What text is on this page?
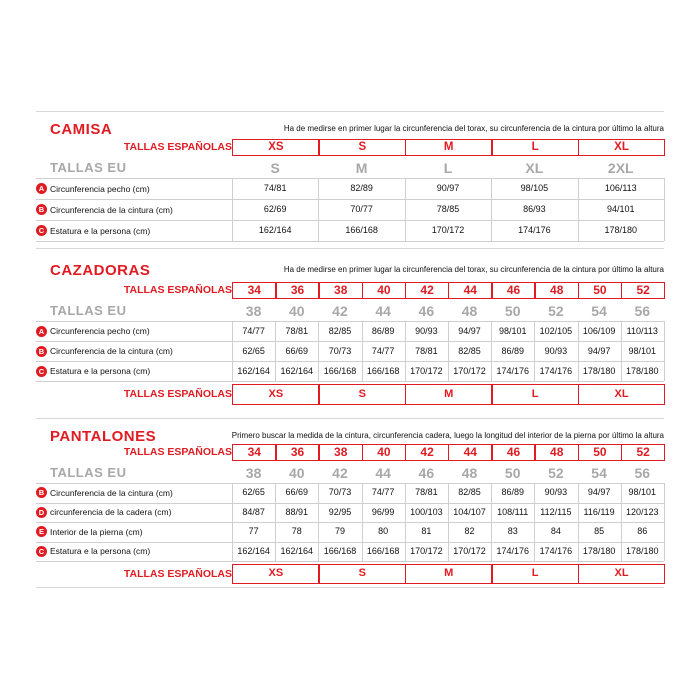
CAMISA	Ha de medirse en primer lugar la circunferencia del torax, su circunferencia de la cintura por último la altura
TALLAS ESPAÑOLAS	XS	S	M	L	XL
TALLAS EU	S	M	L	XL	2XL
A Circunferencia pecho (cm)	74/81	82/89	90/97	98/105	106/113
B Circunferencia de la cintura (cm)	62/69	70/77	78/85	86/93	94/101
C Estatura e la persona (cm)	162/164	166/168	170/172	174/176	178/180
CAZADORAS	Ha de medirse en primer lugar la circunferencia del torax, su circunferencia de la cintura por último la altura
TALLAS ESPAÑOLAS	34	36	38	40	42	44	46	48	50	52
TALLAS EU	38	40	42	44	46	48	50	52	54	56
A Circunferencia pecho (cm)	74/77	78/81	82/85	86/89	90/93	94/97	98/101	102/105	106/109	110/113
B Circunferencia de la cintura (cm)	62/65	66/69	70/73	74/77	78/81	82/85	86/89	90/93	94/97	98/101
C Estatura e la persona (cm)	162/164	162/164	166/168	166/168	170/172	170/172	174/176	174/176	178/180	178/180
TALLAS ESPAÑOLAS	XS	S	M	L	XL
PANTALONES	Primero buscar la medida de la cintura, circunferencia cadera, luego la longitud del interior de la pierna por último la altura
TALLAS ESPAÑOLAS	34	36	38	40	42	44	46	48	50	52
TALLAS EU	38	40	42	44	46	48	50	52	54	56
B Circunferencia de la cintura (cm)	62/65	66/69	70/73	74/77	78/81	82/85	86/89	90/93	94/97	98/101
D circunferencia de la cadera (cm)	84/87	88/91	92/95	96/99	100/103	104/107	108/111	112/115	116/119	120/123
E Interior de la pierna (cm)	77	78	79	80	81	82	83	84	85	86
C Estatura e la persona (cm)	162/164	162/164	166/168	166/168	170/172	170/172	174/176	174/176	178/180	178/180
TALLAS ESPAÑOLAS	XS	S	M	L	XL
